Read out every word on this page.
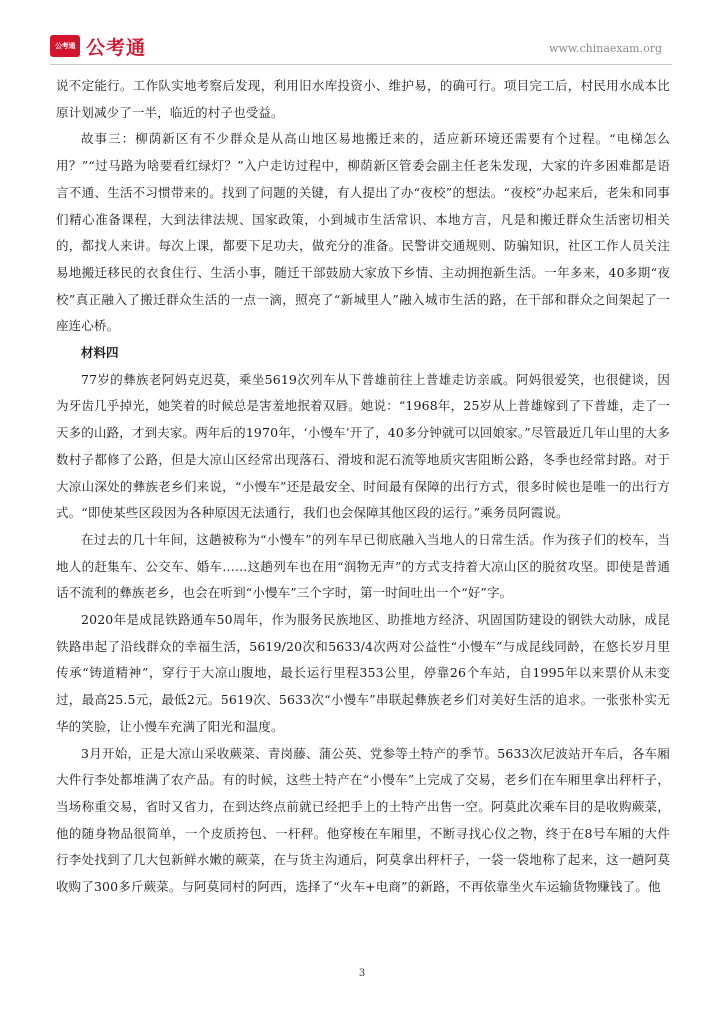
公考通 公考通	www.chinaexam.org

说不定能行。工作队实地考察后发现，利用旧水库投资小、维护易，的确可行。项目完工后，村民用水成本比原计划减少了一半，临近的村子也受益。

故事三：柳荫新区有不少群众是从高山地区易地搬迁来的，适应新环境还需要有个过程。“电梯怎么用？”“过马路为啥要看红绿灯？”入户走访过程中，柳荫新区管委会副主任老朱发现，大家的许多困难都是语言不通、生活不习惯带来的。找到了问题的关键，有人提出了办“夜校”的想法。“夜校”办起来后，老朱和同事们精心准备课程，大到法律法规、国家政策，小到城市生活常识、本地方言，凡是和搬迁群众生活密切相关的，都找人来讲。每次上课，都要下足功夫，做充分的准备。民警讲交通规则、防骗知识，社区工作人员关注易地搬迁移民的衣食住行、生活小事，随迁干部鼓励大家放下乡情、主动拥抱新生活。一年多来，40多期“夜校”真正融入了搬迁群众生活的一点一滴，照亮了“新城里人”融入城市生活的路，在干部和群众之间架起了一座连心桥。

材料四

77岁的彝族老阿妈克迟莫，乘坐5619次列车从下普雄前往上普雄走访亲戚。阿妈很爱笑，也很健谈，因为牙齿几乎掉光，她笑着的时候总是害羞地抿着双唇。她说：“1968年，25岁从上普雄嫁到了下普雄，走了一天多的山路，才到夫家。两年后的1970年，‘小慢车’开了，40多分钟就可以回娘家。”尽管最近几年山里的大多数村子都修了公路，但是大凉山区经常出现落石、滑坡和泥石流等地质灾害阻断公路，冬季也经常封路。对于大凉山深处的彝族老乡们来说，“小慢车”还是最安全、时间最有保障的出行方式，很多时候也是唯一的出行方式。“即使某些区段因为各种原因无法通行，我们也会保障其他区段的运行。”乘务员阿霞说。

在过去的几十年间，这趟被称为“小慢车”的列车早已彻底融入当地人的日常生活。作为孩子们的校车，当地人的赶集车、公交车、婚车……这趟列车也在用“润物无声”的方式支持着大凉山区的脱贫攻坚。即使是普通话不流利的彝族老乡，也会在听到“小慢车”三个字时，第一时间吐出一个“好”字。

2020年是成昆铁路通车50周年，作为服务民族地区、助推地方经济、巩固国防建设的钢铁大动脉，成昆铁路串起了沿线群众的幸福生活，5619/20次和5633/4次两对公益性“小慢车”与成昆线同龄，在悠长岁月里传承“铸道精神”，穿行于大凉山腹地，最长运行里程353公里，停靠26个车站，自1995年以来票价从未变过，最高25.5元，最低2元。5619次、5633次“小慢车”串联起彝族老乡们对美好生活的追求。一张张朴实无华的笑脸，让小慢车充满了阳光和温度。

3月开始，正是大凉山采收蕨菜、青岗藤、蒲公英、党参等土特产的季节。5633次尼波站开车后，各车厢大件行李处都堆满了农产品。有的时候，这些土特产在“小慢车”上完成了交易，老乡们在车厢里拿出秤杆子，当场称重交易，省时又省力，在到达终点前就已经把手上的土特产出售一空。阿莫此次乘车目的是收购蕨菜，他的随身物品很简单，一个皮质挎包、一杆秤。他穿梭在车厢里，不断寻找心仪之物，终于在8号车厢的大件行李处找到了几大包新鲜水嫩的蕨菜，在与货主沟通后，阿莫拿出秤杆子，一袋一袋地称了起来，这一趟阿莫收购了300多斤蕨菜。与阿莫同村的阿西，选择了“火车+电商”的新路，不再依靠坐火车运输货物赚钱了。他

3
